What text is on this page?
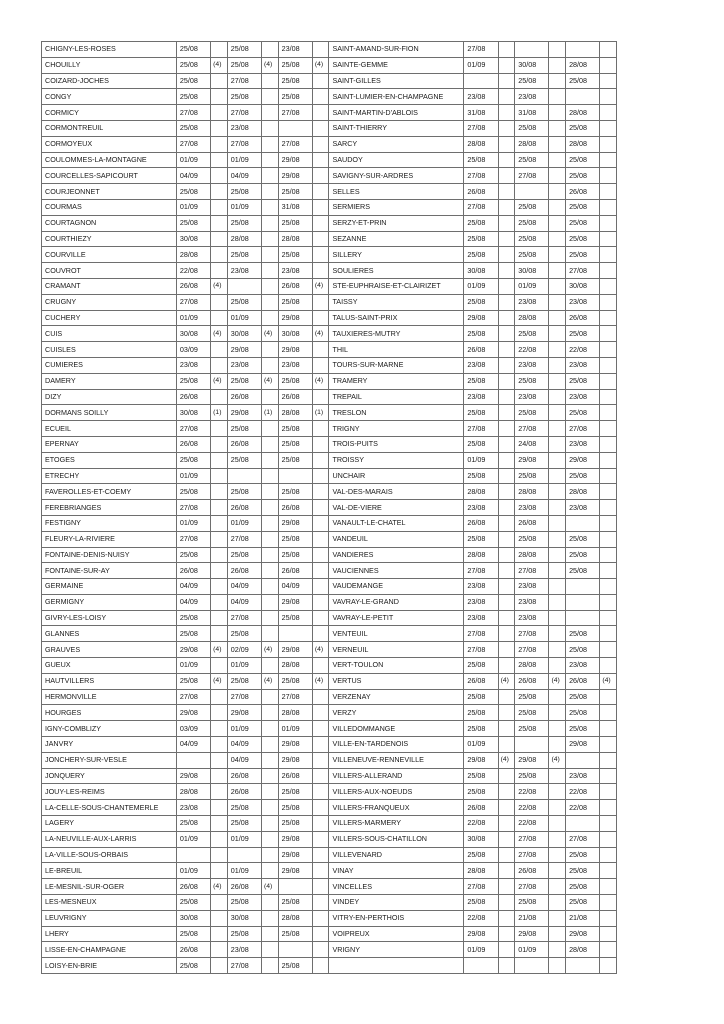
CHIGNY-LES-ROSES	25/08		25/08		23/08		SAINT-AMAND-SUR-FION	27/08					
CHOUILLY	25/08	(4)	25/08	(4)	25/08	(4)	SAINTE-GEMME	01/09		30/08		28/08	
COIZARD-JOCHES	25/08		27/08		25/08		SAINT-GILLES			25/08		25/08	
CONGY	25/08		25/08		25/08		SAINT-LUMIER-EN-CHAMPAGNE	23/08		23/08			
CORMICY	27/08		27/08		27/08		SAINT-MARTIN-D'ABLOIS	31/08		31/08		28/08	
CORMONTREUIL	25/08		23/08				SAINT-THIERRY	27/08		25/08		25/08	
CORMOYEUX	27/08		27/08		27/08		SARCY	28/08		28/08		28/08	
COULOMMES-LA-MONTAGNE	01/09		01/09		29/08		SAUDOY	25/08		25/08		25/08	
COURCELLES-SAPICOURT	04/09		04/09		29/08		SAVIGNY-SUR-ARDRES	27/08		27/08		25/08	
COURJEONNET	25/08		25/08		25/08		SELLES	26/08				26/08	
COURMAS	01/09		01/09		31/08		SERMIERS	27/08		25/08		25/08	
COURTAGNON	25/08		25/08		25/08		SERZY-ET-PRIN	25/08		25/08		25/08	
COURTHIEZY	30/08		28/08		28/08		SEZANNE	25/08		25/08		25/08	
COURVILLE	28/08		25/08		25/08		SILLERY	25/08		25/08		25/08	
COUVROT	22/08		23/08		23/08		SOULIERES	30/08		30/08		27/08	
CRAMANT	26/08	(4)			26/08	(4)	STE-EUPHRAISE-ET-CLAIRIZET	01/09		01/09		30/08	
CRUGNY	27/08		25/08		25/08		TAISSY	25/08		23/08		23/08	
CUCHERY	01/09		01/09		29/08		TALUS-SAINT-PRIX	29/08		28/08		26/08	
CUIS	30/08	(4)	30/08	(4)	30/08	(4)	TAUXIERES-MUTRY	25/08		25/08		25/08	
CUISLES	03/09		29/08		29/08		THIL	26/08		22/08		22/08	
CUMIERES	23/08		23/08		23/08		TOURS-SUR-MARNE	23/08		23/08		23/08	
DAMERY	25/08	(4)	25/08	(4)	25/08	(4)	TRAMERY	25/08		25/08		25/08	
DIZY	26/08		26/08		26/08		TREPAIL	23/08		23/08		23/08	
DORMANS SOILLY	30/08	(1)	29/08	(1)	28/08	(1)	TRESLON	25/08		25/08		25/08	
ECUEIL	27/08		25/08		25/08		TRIGNY	27/08		27/08		27/08	
EPERNAY	26/08		26/08		25/08		TROIS-PUITS	25/08		24/08		23/08	
ETOGES	25/08		25/08		25/08		TROISSY	01/09		29/08		29/08	
ETRECHY	01/09						UNCHAIR	25/08		25/08		25/08	
FAVEROLLES-ET-COEMY	25/08		25/08		25/08		VAL-DES-MARAIS	28/08		28/08		28/08	
FEREBRIANGES	27/08		26/08		26/08		VAL-DE-VIERE	23/08		23/08		23/08	
FESTIGNY	01/09		01/09		29/08		VANAULT-LE-CHATEL	26/08		26/08			
FLEURY-LA-RIVIERE	27/08		27/08		25/08		VANDEUIL	25/08		25/08		25/08	
FONTAINE-DENIS-NUISY	25/08		25/08		25/08		VANDIERES	28/08		28/08		25/08	
FONTAINE-SUR-AY	26/08		26/08		26/08		VAUCIENNES	27/08		27/08		25/08	
GERMAINE	04/09		04/09		04/09		VAUDEMANGE	23/08		23/08			
GERMIGNY	04/09		04/09		29/08		VAVRAY-LE-GRAND	23/08		23/08			
GIVRY-LES-LOISY	25/08		27/08		25/08		VAVRAY-LE-PETIT	23/08		23/08			
GLANNES	25/08		25/08				VENTEUIL	27/08		27/08		25/08	
GRAUVES	29/08	(4)	02/09	(4)	29/08	(4)	VERNEUIL	27/08		27/08		25/08	
GUEUX	01/09		01/09		28/08		VERT-TOULON	25/08		28/08		23/08	
HAUTVILLERS	25/08	(4)	25/08	(4)	25/08	(4)	VERTUS	26/08	(4)	26/08	(4)	26/08	(4)
HERMONVILLE	27/08		27/08		27/08		VERZENAY	25/08		25/08		25/08	
HOURGES	29/08		29/08		28/08		VERZY	25/08		25/08		25/08	
IGNY-COMBLIZY	03/09		01/09		01/09		VILLEDOMMANGE	25/08		25/08		25/08	
JANVRY	04/09		04/09		29/08		VILLE-EN-TARDENOIS	01/09				29/08	
JONCHERY-SUR-VESLE			04/09		29/08		VILLENEUVE-RENNEVILLE	29/08	(4)	29/08	(4)		
JONQUERY	29/08		26/08		26/08		VILLERS-ALLERAND	25/08		25/08		23/08	
JOUY-LES-REIMS	28/08		26/08		25/08		VILLERS-AUX-NOEUDS	25/08		22/08		22/08	
LA-CELLE-SOUS-CHANTEMERLE	23/08		25/08		25/08		VILLERS-FRANQUEUX	26/08		22/08		22/08	
LAGERY	25/08		25/08		25/08		VILLERS-MARMERY	22/08		22/08			
LA-NEUVILLE-AUX-LARRIS	01/09		01/09		29/08		VILLERS-SOUS-CHATILLON	30/08		27/08		27/08	
LA-VILLE-SOUS-ORBAIS					29/08		VILLEVENARD	25/08		27/08		25/08	
LE-BREUIL	01/09		01/09		29/08		VINAY	28/08		26/08		25/08	
LE-MESNIL-SUR-OGER	26/08	(4)	26/08	(4)			VINCELLES	27/08		27/08		25/08	
LES-MESNEUX	25/08		25/08		25/08		VINDEY	25/08		25/08		25/08	
LEUVRIGNY	30/08		30/08		28/08		VITRY-EN-PERTHOIS	22/08		21/08		21/08	
LHERY	25/08		25/08		25/08		VOIPREUX	29/08		29/08		29/08	
LISSE-EN-CHAMPAGNE	26/08		23/08				VRIGNY	01/09		01/09		28/08	
LOISY-EN-BRIE	25/08		27/08		25/08								
